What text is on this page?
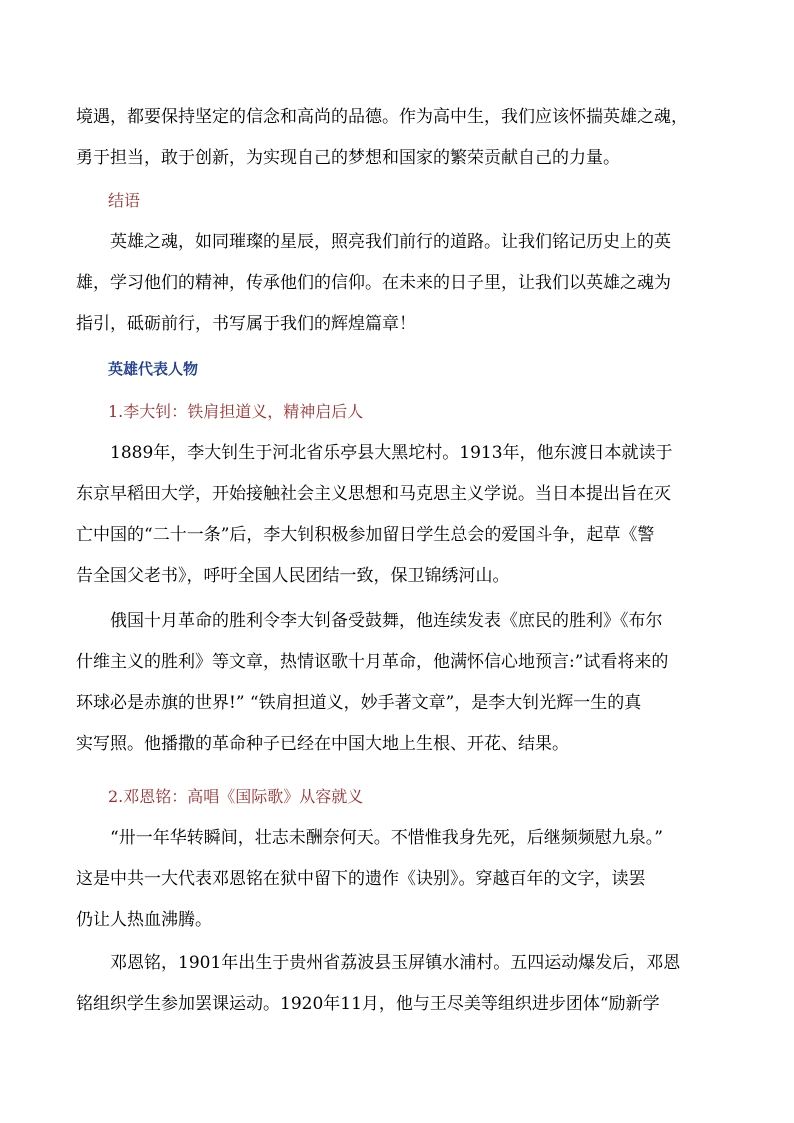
境遇，都要保持坚定的信念和高尚的品德。作为高中生，我们应该怀揣英雄之魂，
勇于担当，敢于创新，为实现自己的梦想和国家的繁荣贡献自己的力量。
结语
英雄之魂，如同璀璨的星辰，照亮我们前行的道路。让我们铭记历史上的英
雄，学习他们的精神，传承他们的信仰。在未来的日子里，让我们以英雄之魂为
指引，砥砺前行，书写属于我们的辉煌篇章！
英雄代表人物
1.李大钊：铁肩担道义，精神启后人
1889年，李大钊生于河北省乐亭县大黑坨村。1913年，他东渡日本就读于
东京早稻田大学，开始接触社会主义思想和马克思主义学说。当日本提出旨在灭
亡中国的“二十一条”后，李大钊积极参加留日学生总会的爱国斗争，起草《警
告全国父老书》，呼吁全国人民团结一致，保卫锦绣河山。
俄国十月革命的胜利令李大钊备受鼓舞，他连续发表《庶民的胜利》《布尔
什维主义的胜利》等文章，热情讴歌十月革命，他满怀信心地预言:”试看将来的
环球必是赤旗的世界!” “铁肩担道义，妙手著文章”，是李大钊光辉一生的真
实写照。他播撒的革命种子已经在中国大地上生根、开花、结果。
2.邓恩铭：高唱《国际歌》从容就义
“卅一年华转瞬间，壮志未酬奈何天。不惜惟我身先死，后继频频慰九泉。”
这是中共一大代表邓恩铭在狱中留下的遗作《诀别》。穿越百年的文字，读罢
仍让人热血沸腾。
邓恩铭，1901年出生于贵州省荔波县玉屏镇水浦村。五四运动爆发后，邓恩
铭组织学生参加罢课运动。1920年11月，他与王尽美等组织进步团体“励新学
